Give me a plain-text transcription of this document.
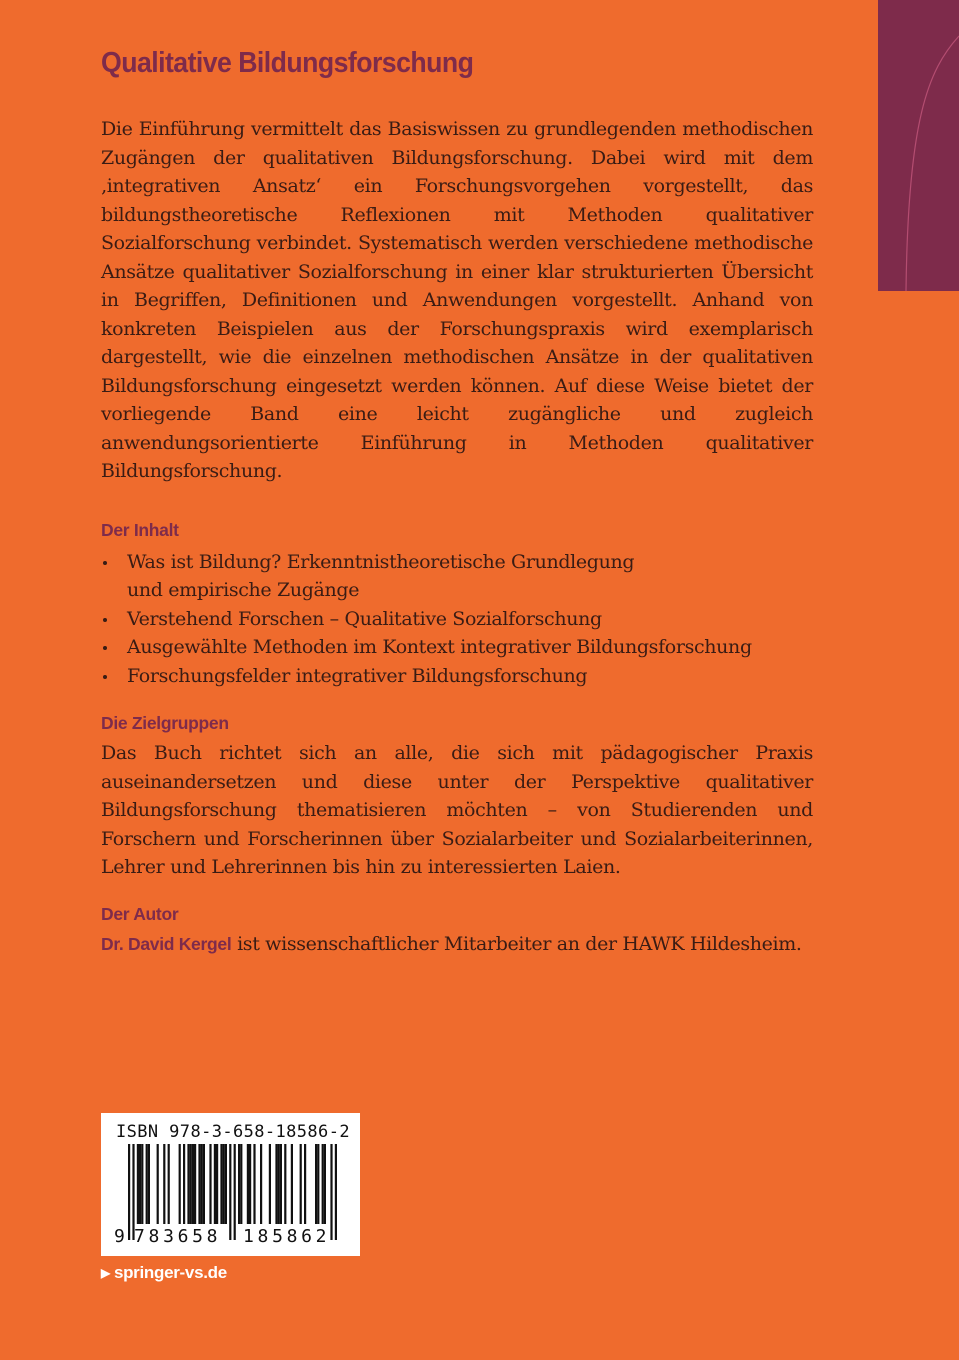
Qualitative Bildungsforschung

Die Einführung vermittelt das Basiswissen zu grundlegenden methodischen Zugängen der qualitativen Bildungsforschung. Dabei wird mit dem ‚integrativen Ansatz‘ ein Forschungsvorgehen vorgestellt, das bildungstheoretische Reflexionen mit Methoden qualitativer Sozialforschung verbindet. Systematisch werden verschiedene methodische Ansätze qualitativer Sozialforschung in einer klar strukturierten Übersicht in Begriffen, Definitionen und Anwendungen vorgestellt. Anhand von konkreten Beispielen aus der Forschungspraxis wird exemplarisch dargestellt, wie die einzelnen methodischen Ansätze in der qualitativen Bildungsforschung eingesetzt werden können. Auf diese Weise bietet der vorliegende Band eine leicht zugängliche und zugleich anwendungsorientierte Einführung in Methoden qualitativer Bildungsforschung.

Der Inhalt
Was ist Bildung? Erkenntnistheoretische Grundlegung
und empirische Zugänge
Verstehend Forschen – Qualitative Sozialforschung
Ausgewählte Methoden im Kontext integrativer Bildungsforschung
Forschungsfelder integrativer Bildungsforschung
Die Zielgruppen

Das Buch richtet sich an alle, die sich mit pädagogischer Praxis auseinandersetzen und diese unter der Perspektive qualitativer Bildungsforschung thematisieren möchten – von Studierenden und Forschern und Forscherinnen über Sozialarbeiter und Sozialarbeiterinnen, Lehrer und Lehrerinnen bis hin zu interessierten Laien.

Der Autor

Dr. David Kergel ist wissenschaftlicher Mitarbeiter an der HAWK Hildesheim.

ISBN 978-3-658-18586-2
9 783658 185862
▶ springer-vs.de
